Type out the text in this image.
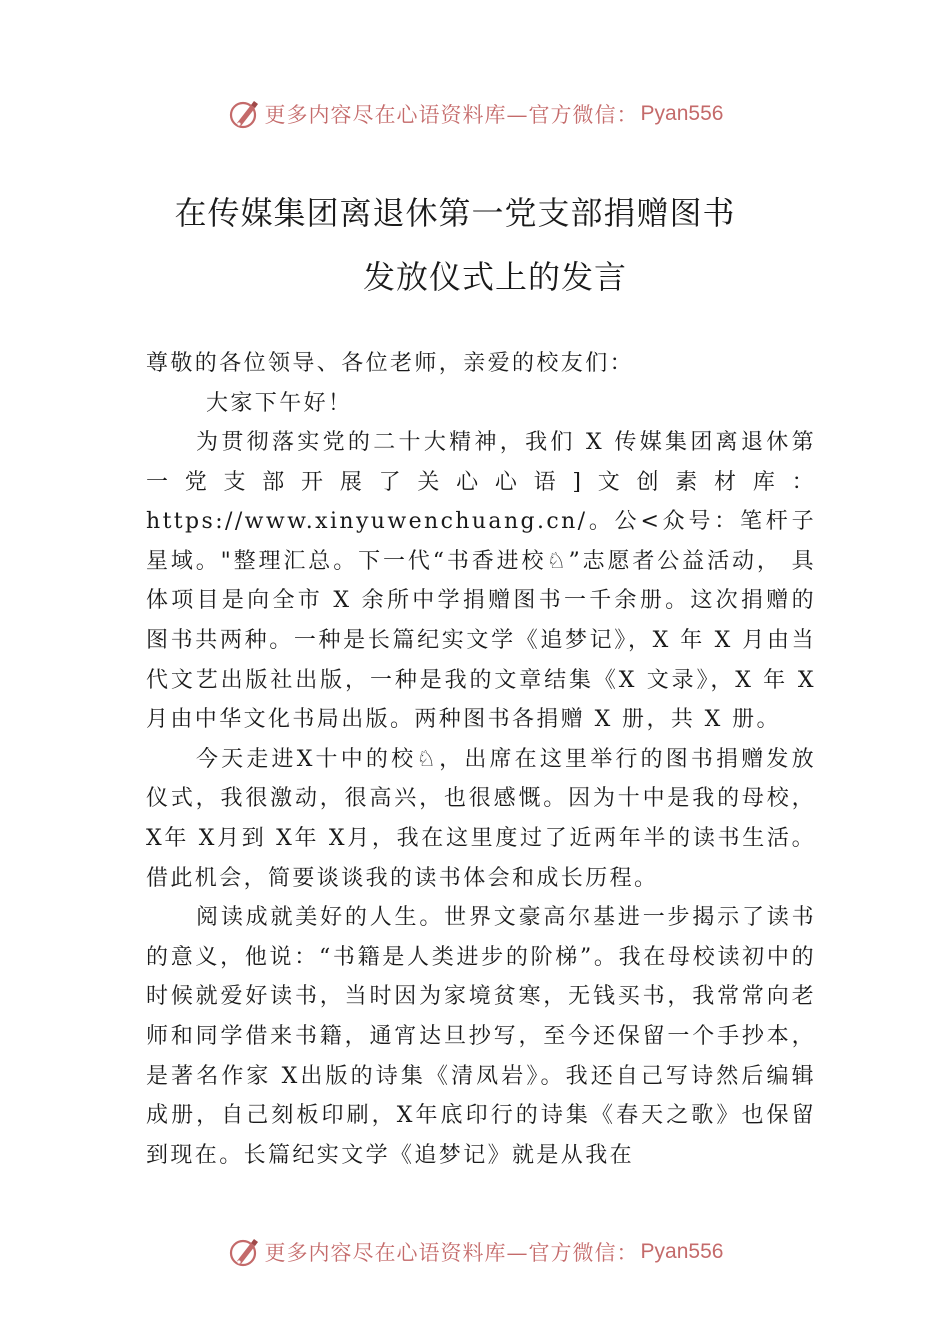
更多内容尽在心语资料库—官方微信： Pyan556
在传媒集团离退休第一党支部捐赠图书
发放仪式上的发言

尊敬的各位领导、各位老师，亲爱的校友们：

大家下午好！

为贯彻落实党的二十大精神，我们 X 传媒集团离退休第一党支部开展了关心心语]文创素材库：https://www.xinyuwenchuang.cn/。公<众号：笔杆子星域。"整理汇总。下一代“书香进校♘”志愿者公益活动， 具体项目是向全市 X 余所中学捐赠图书一千余册。这次捐赠的图书共两种。一种是长篇纪实文学《追梦记》，X 年 X 月由当代文艺出版社出版，一种是我的文章结集《X 文录》，X 年 X 月由中华文化书局出版。两种图书各捐赠 X 册，共 X 册。

今天走进X十中的校♘，出席在这里举行的图书捐赠发放仪式，我很激动，很高兴，也很感慨。因为十中是我的母校，X年 X月到 X年 X月，我在这里度过了近两年半的读书生活。借此机会，简要谈谈我的读书体会和成长历程。

阅读成就美好的人生。世界文豪高尔基进一步揭示了读书的意义，他说：“书籍是人类进步的阶梯”。我在母校读初中的时候就爱好读书，当时因为家境贫寒，无钱买书，我常常向老师和同学借来书籍，通宵达旦抄写，至今还保留一个手抄本，是著名作家 X出版的诗集《清凤岩》。我还自己写诗然后编辑成册，自己刻板印刷，X年底印行的诗集《春天之歌》也保留到现在。长篇纪实文学《追梦记》就是从我在

更多内容尽在心语资料库—官方微信： Pyan556
